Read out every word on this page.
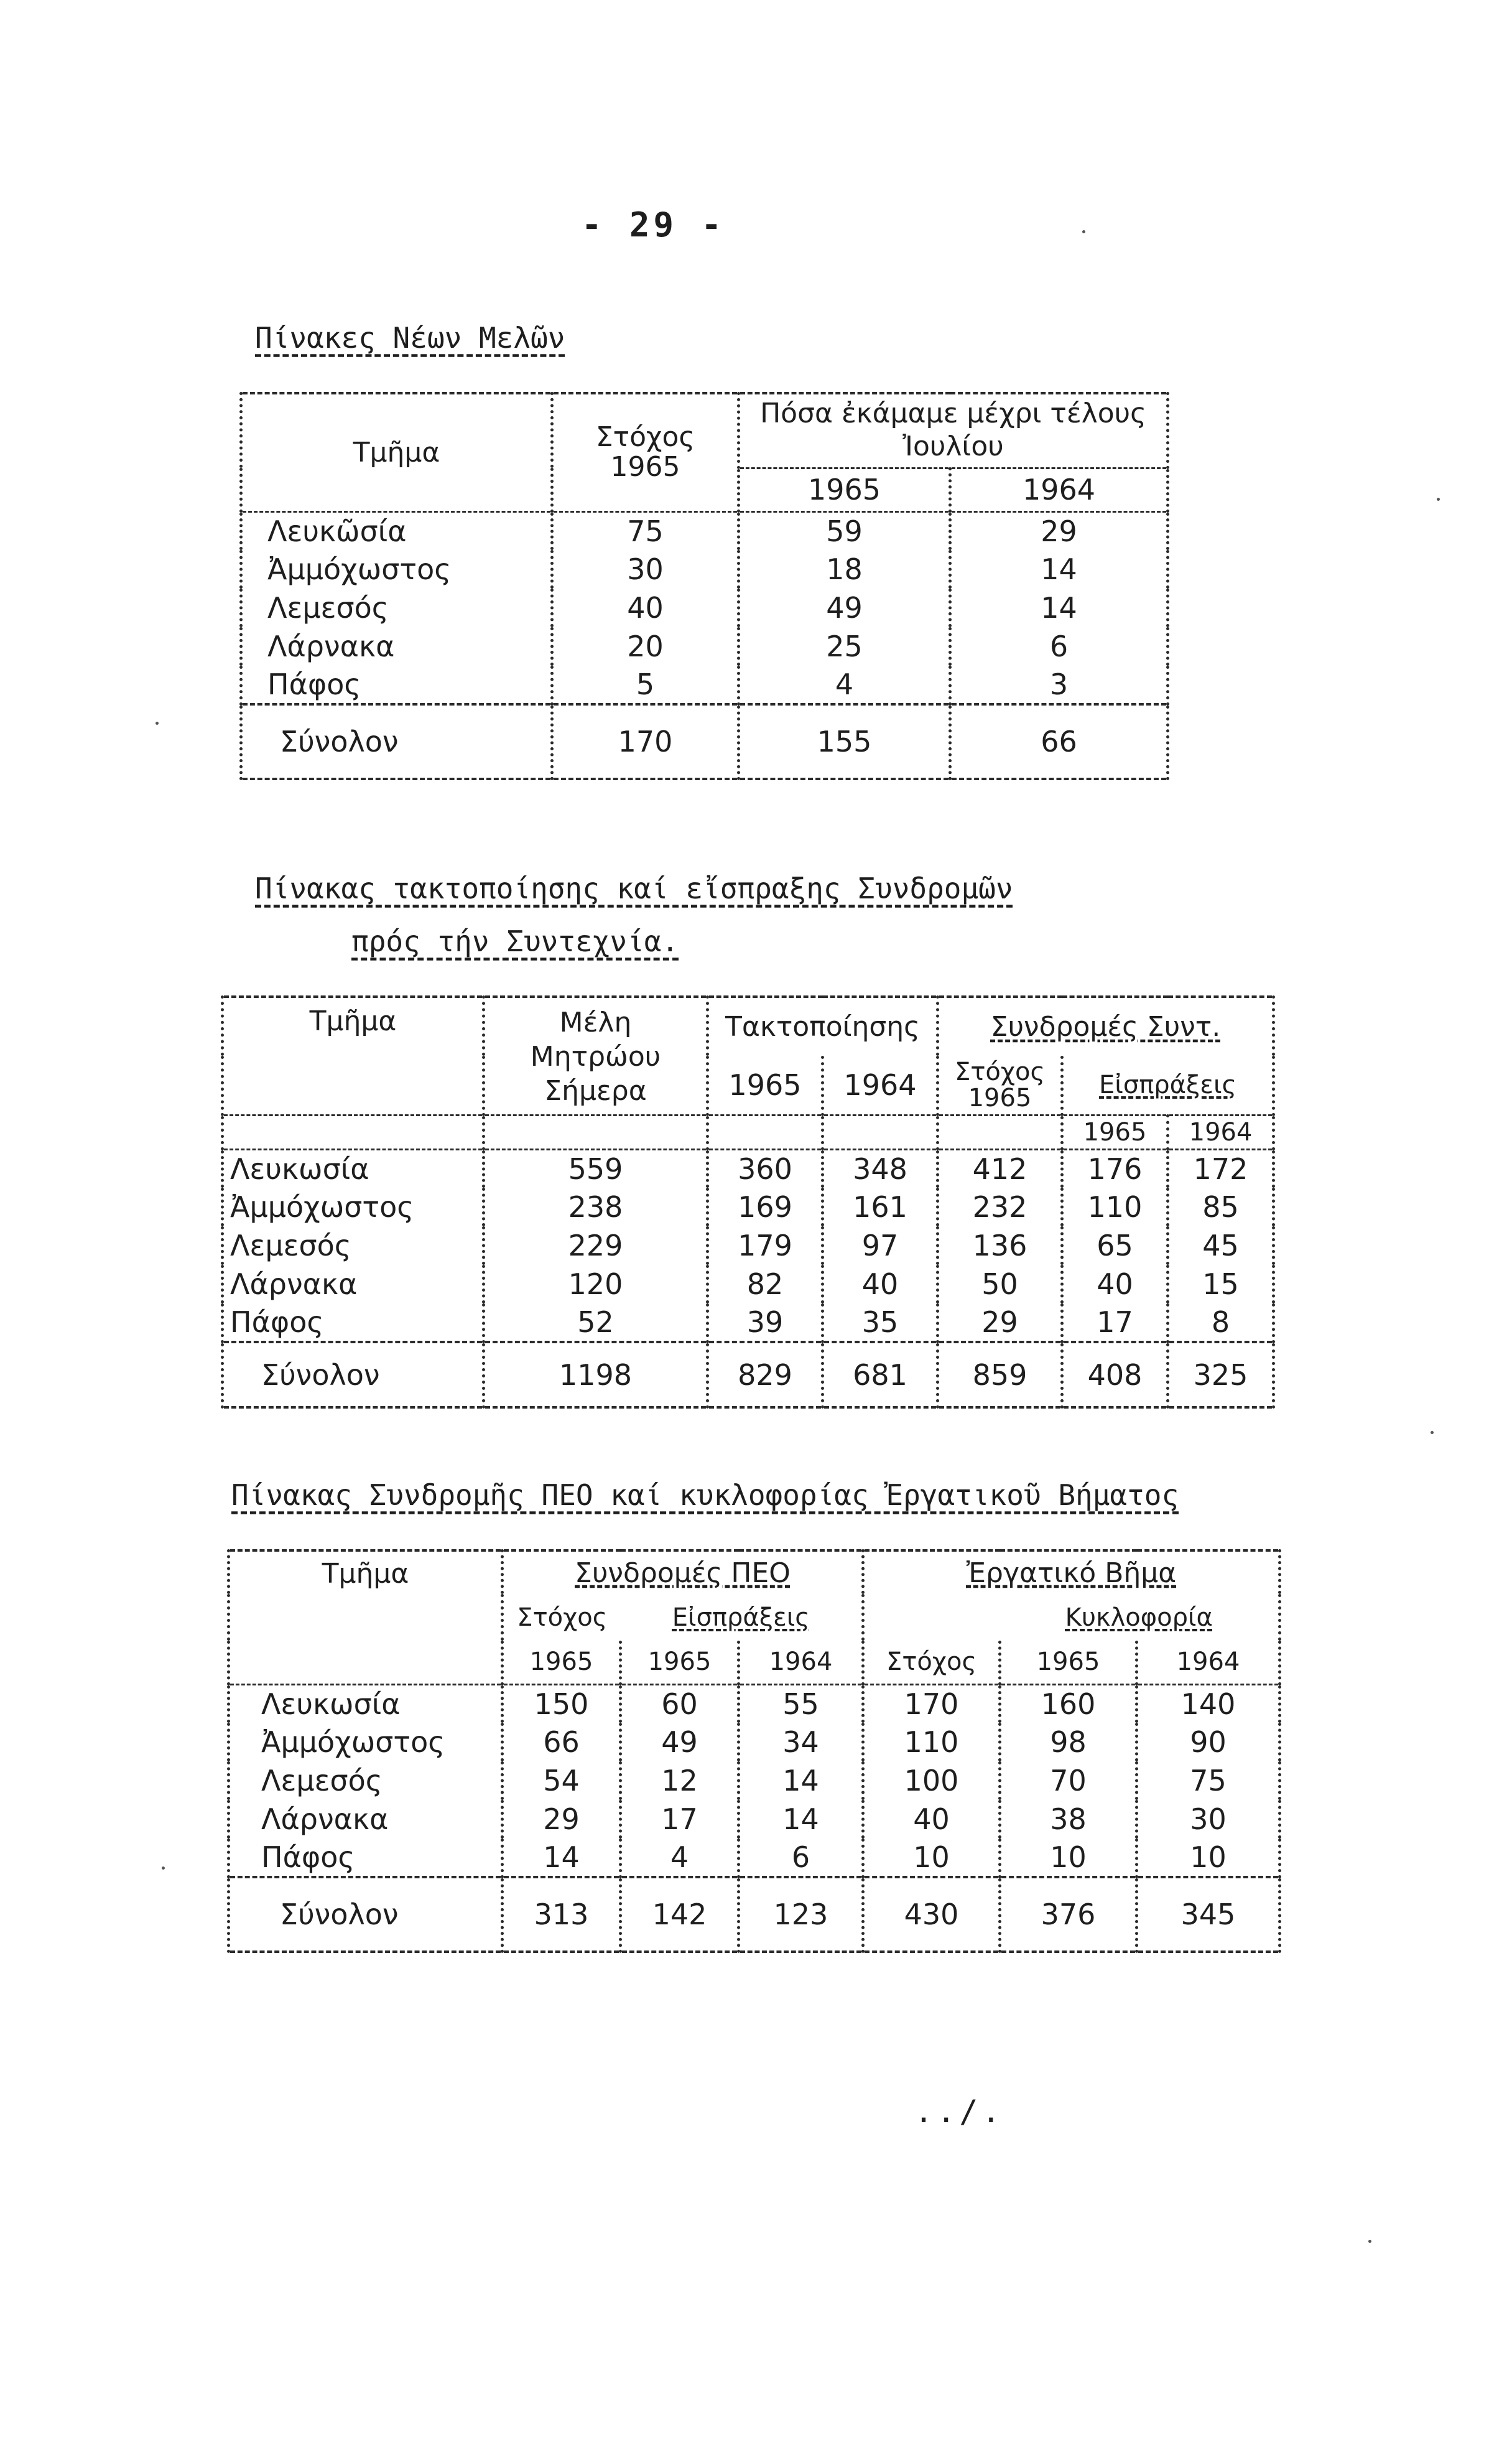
- 29 -
Πίνακες Νέων Μελῶν
Τμῆμα	Στόχος 1965	Πόσα ἐκάμαμε μέχρι τέλους Ἰουλίου	
		1965	1964
Λευκῶσία	75	59	29
Ἀμμόχωστος	30	18	14
Λεμεσός	40	49	14
Λάρνακα	20	25	6
Πάφος	5	4	3
Σύνολον	170	155	66
Πίνακας τακτοποίησης καί εἴσπραξης Συνδρομῶν
πρός τήν Συντεχνία.
Τμῆμα	Μέλη Μητρώου Σήμερα	Τακτοποίησης		Συνδρομές Συντ.		
		1965	1964	Στόχος 1965	Εἰσπράξεις	
					1965	1964
Λευκωσία	559	360	348	412	176	172
Ἀμμόχωστος	238	169	161	232	110	85
Λεμεσός	229	179	97	136	65	45
Λάρνακα	120	82	40	50	40	15
Πάφος	52	39	35	29	17	8
Σύνολον	1198	829	681	859	408	325
Πίνακας Συνδρομῆς ΠΕΟ καί κυκλοφορίας Ἐργατικοῦ Βήματος
Τμῆμα	Συνδρομές ΠΕΟ			Ἐργατικό Βῆμα		
	Στόχος	Εἰσπράξεις			Κυκλοφορία	
	1965	1965	1964	Στόχος	1965	1964
Λευκωσία	150	60	55	170	160	140
Ἀμμόχωστος	66	49	34	110	98	90
Λεμεσός	54	12	14	100	70	75
Λάρνακα	29	17	14	40	38	30
Πάφος	14	4	6	10	10	10
Σύνολον	313	142	123	430	376	345
../.
